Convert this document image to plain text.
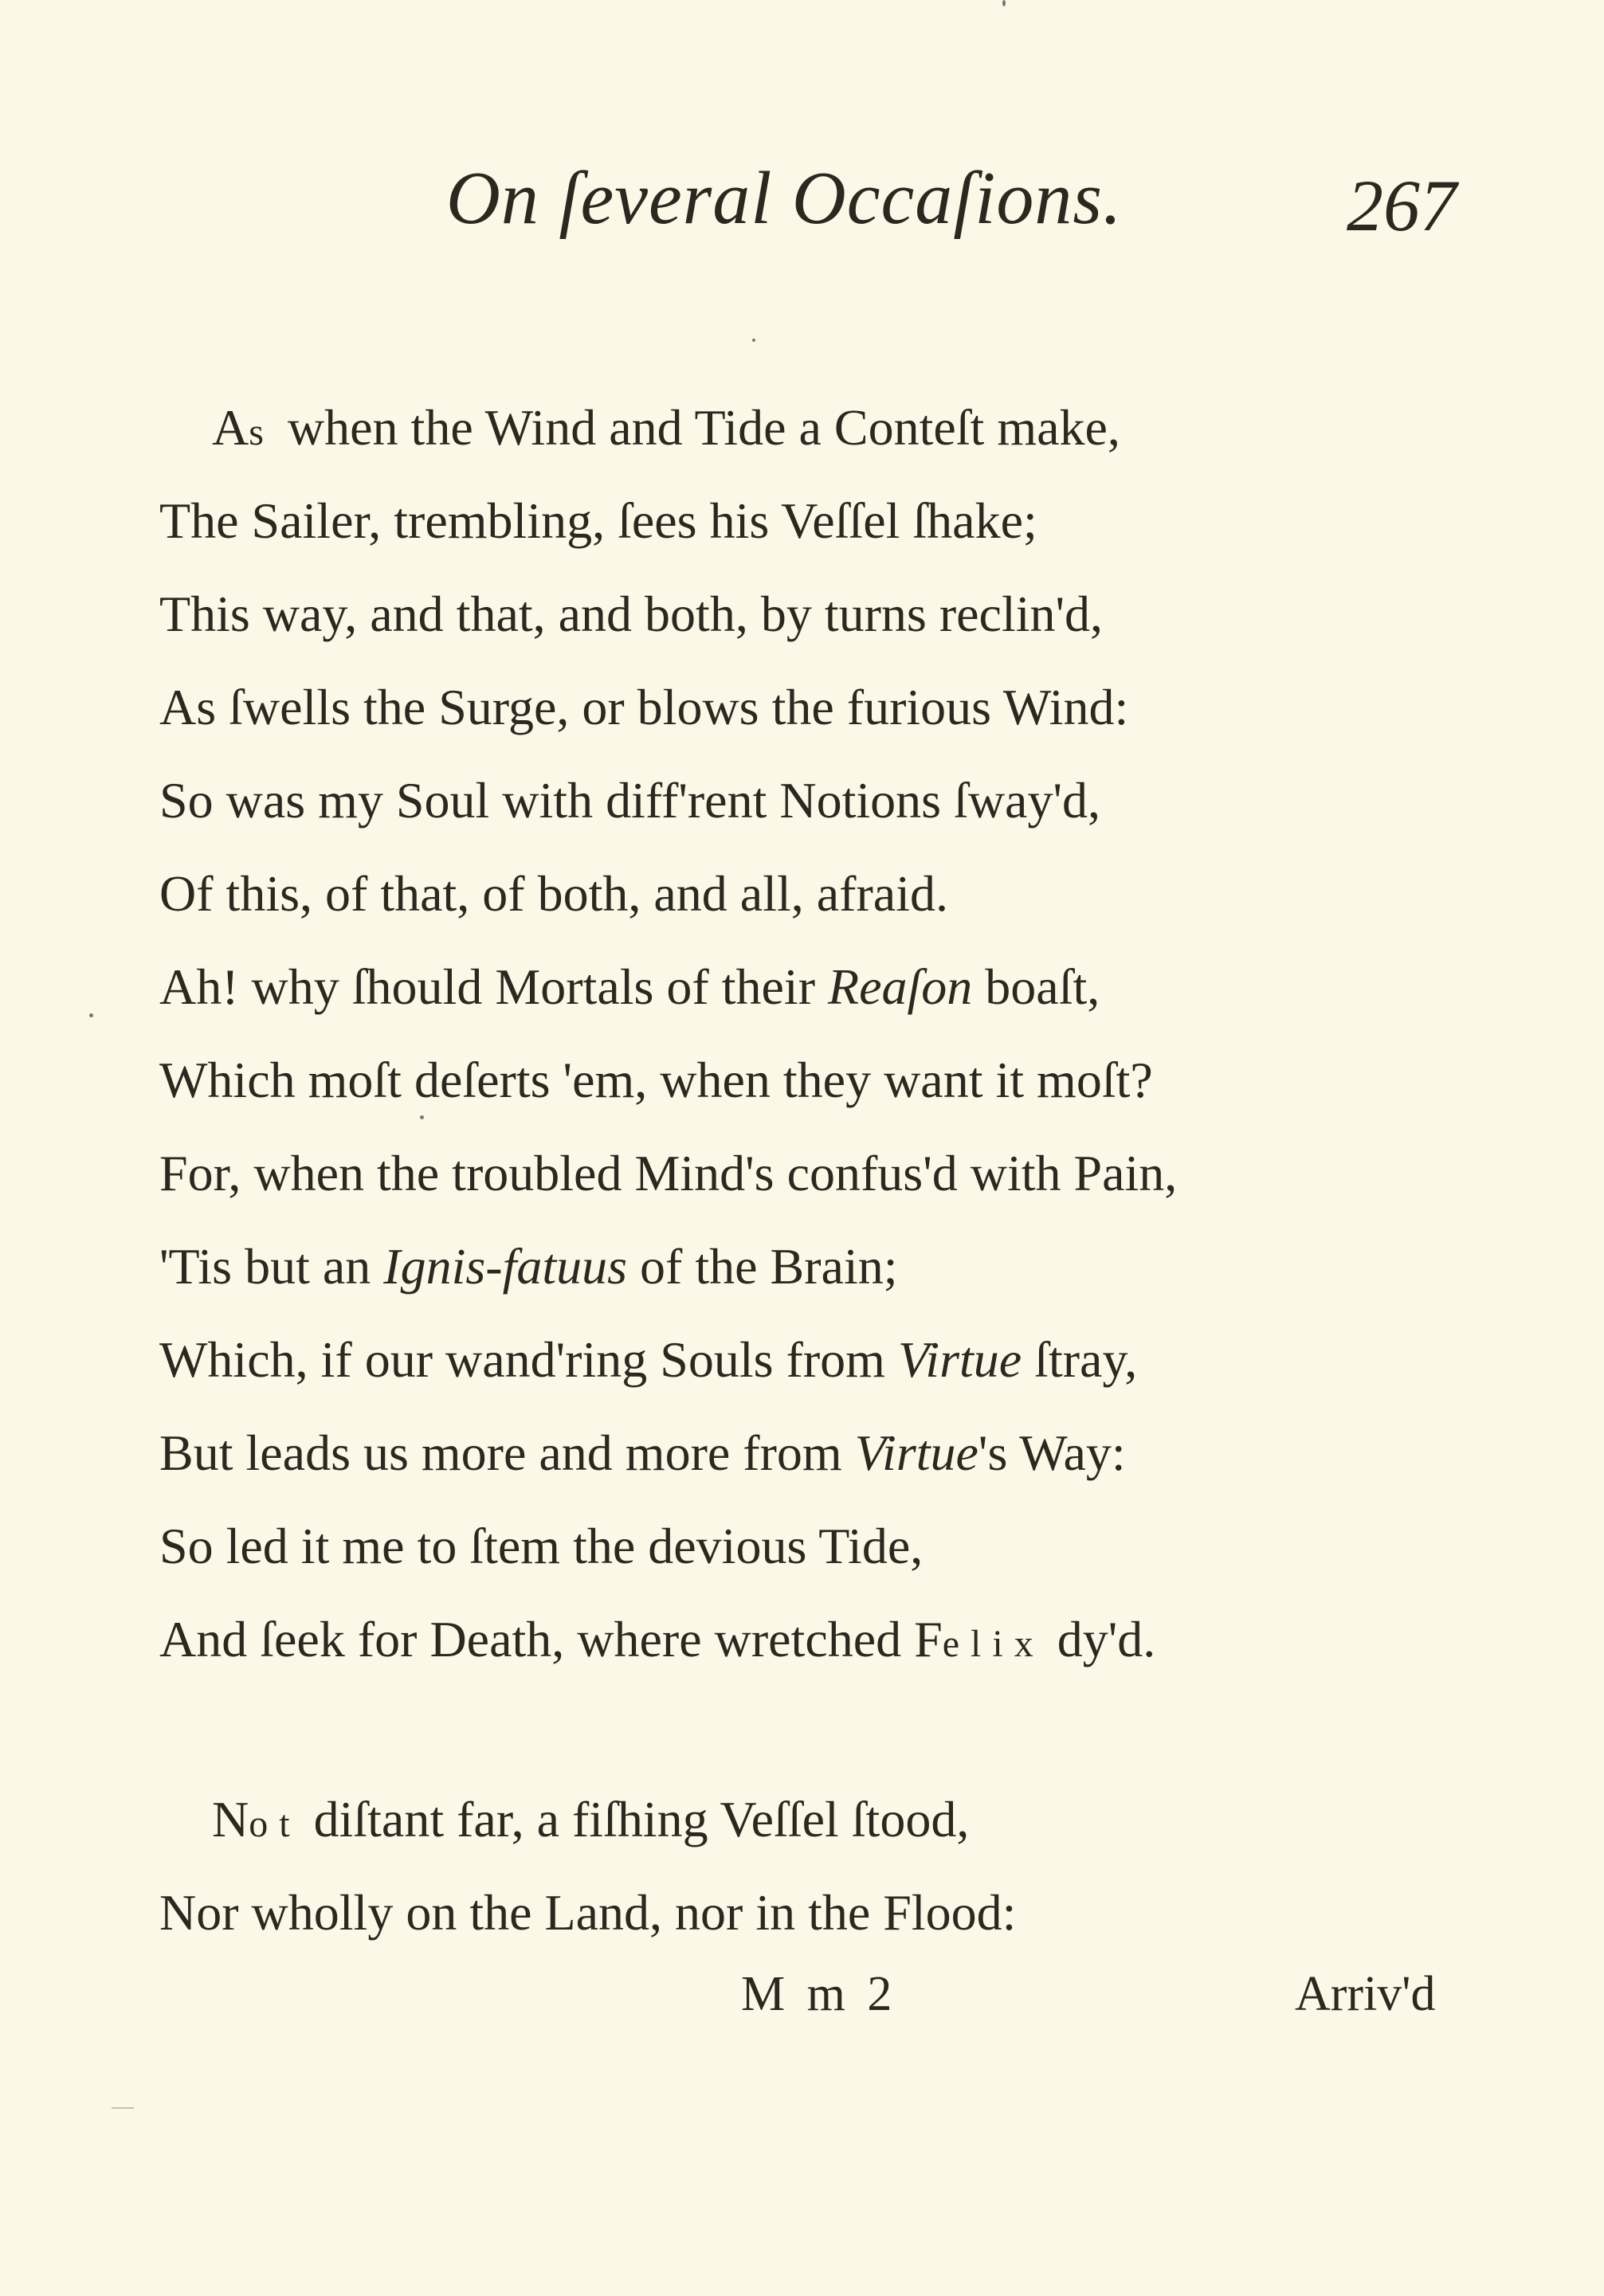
On ſeveral Occaſions.	267
As when the Wind and Tide a Conteſt make,
The Sailer, trembling, ſees his Veſſel ſhake;
This way, and that, and both, by turns reclin'd,
As ſwells the Surge, or blows the furious Wind:
So was my Soul with diff'rent Notions ſway'd,
Of this, of that, of both, and all, afraid.
Ah! why ſhould Mortals of their Reaſon boaſt,
Which moſt deſerts 'em, when they want it moſt?
For, when the troubled Mind's confus'd with Pain,
'Tis but an Ignis-fatuus of the Brain;
Which, if our wand'ring Souls from Virtue ſtray,
But leads us more and more from Virtue's Way:
So led it me to ſtem the devious Tide,
And ſeek for Death, where wretched Felix dy'd.
Not diſtant far, a fiſhing Veſſel ſtood,
Nor wholly on the Land, nor in the Flood:
M m 2	Arriv'd
